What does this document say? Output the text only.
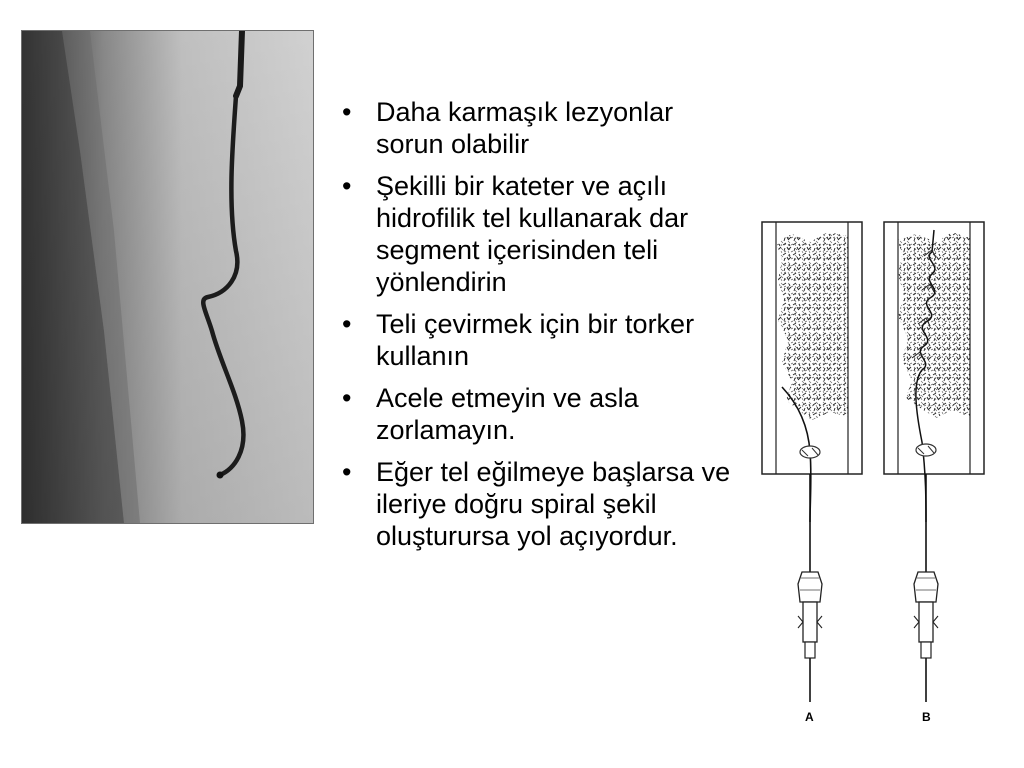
• Daha karmaşık lezyonlar sorun olabilir
• Şekilli bir kateter ve açılı hidrofilik tel kullanarak dar segment içerisinden teli yönlendirin
• Teli çevirmek için bir torker kullanın
• Acele etmeyin ve asla zorlamayın.
• Eğer tel eğilmeye başlarsa ve ileriye doğru spiral şekil oluşturursa yol açıyordur.
A	B
